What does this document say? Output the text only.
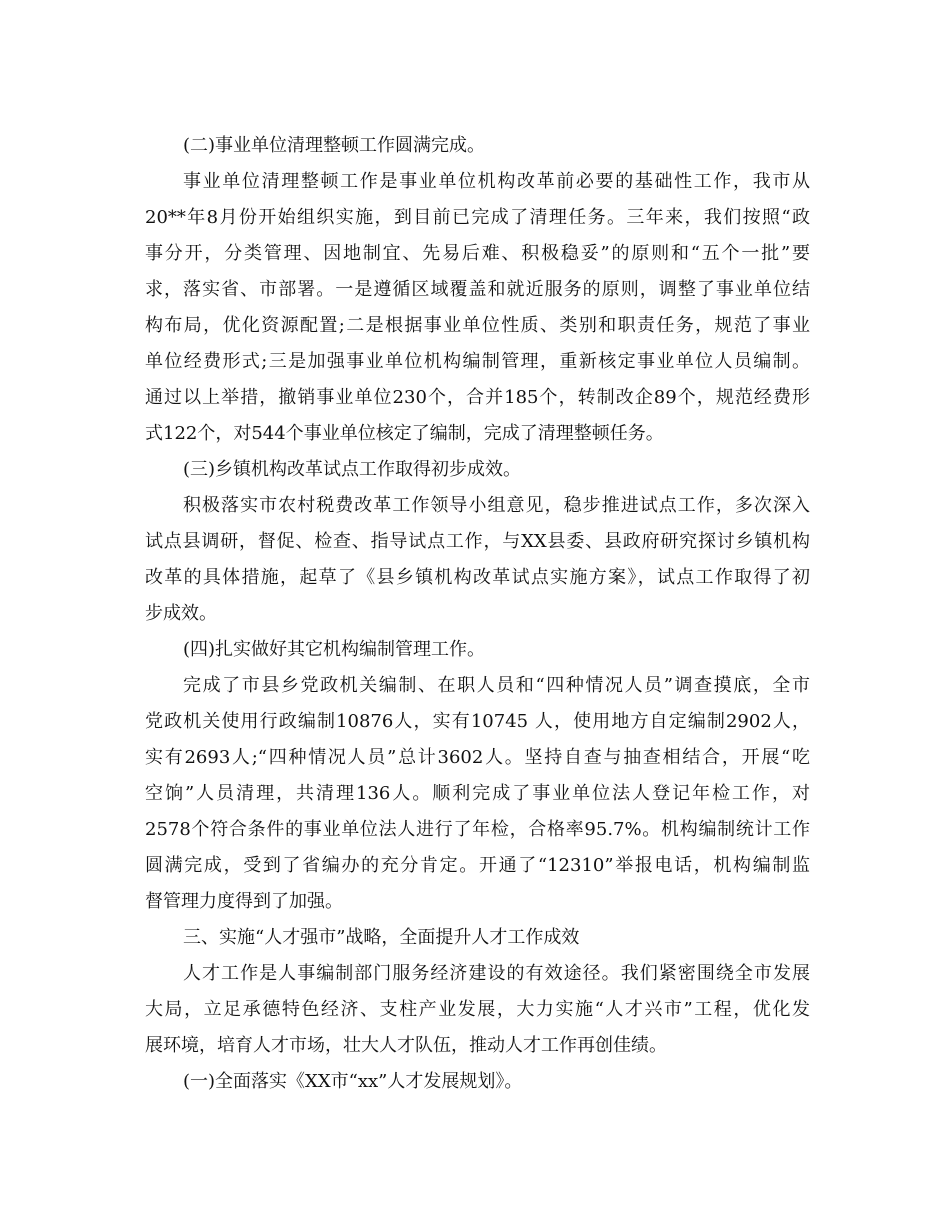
(二)事业单位清理整顿工作圆满完成。
事业单位清理整顿工作是事业单位机构改革前必要的基础性工作，我市从
20**年8月份开始组织实施，到目前已完成了清理任务。三年来，我们按照“政
事分开，分类管理、因地制宜、先易后难、积极稳妥”的原则和“五个一批”要
求，落实省、市部署。一是遵循区域覆盖和就近服务的原则，调整了事业单位结
构布局，优化资源配置;二是根据事业单位性质、类别和职责任务，规范了事业
单位经费形式;三是加强事业单位机构编制管理，重新核定事业单位人员编制。
通过以上举措，撤销事业单位230个，合并185个，转制改企89个，规范经费形
式122个，对544个事业单位核定了编制，完成了清理整顿任务。
(三)乡镇机构改革试点工作取得初步成效。
积极落实市农村税费改革工作领导小组意见，稳步推进试点工作，多次深入
试点县调研，督促、检查、指导试点工作，与XX县委、县政府研究探讨乡镇机构
改革的具体措施，起草了《县乡镇机构改革试点实施方案》，试点工作取得了初
步成效。
(四)扎实做好其它机构编制管理工作。
完成了市县乡党政机关编制、在职人员和“四种情况人员”调查摸底，全市
党政机关使用行政编制10876人，实有10745 人，使用地方自定编制2902人，
实有2693人;“四种情况人员”总计3602人。坚持自查与抽查相结合，开展“吃
空饷”人员清理，共清理136人。顺利完成了事业单位法人登记年检工作，对
2578个符合条件的事业单位法人进行了年检，合格率95.7%。机构编制统计工作
圆满完成，受到了省编办的充分肯定。开通了“12310”举报电话，机构编制监
督管理力度得到了加强。
三、实施“人才强市”战略，全面提升人才工作成效
人才工作是人事编制部门服务经济建设的有效途径。我们紧密围绕全市发展
大局，立足承德特色经济、支柱产业发展，大力实施“人才兴市”工程，优化发
展环境，培育人才市场，壮大人才队伍，推动人才工作再创佳绩。
(一)全面落实《XX市“xx”人才发展规划》。
